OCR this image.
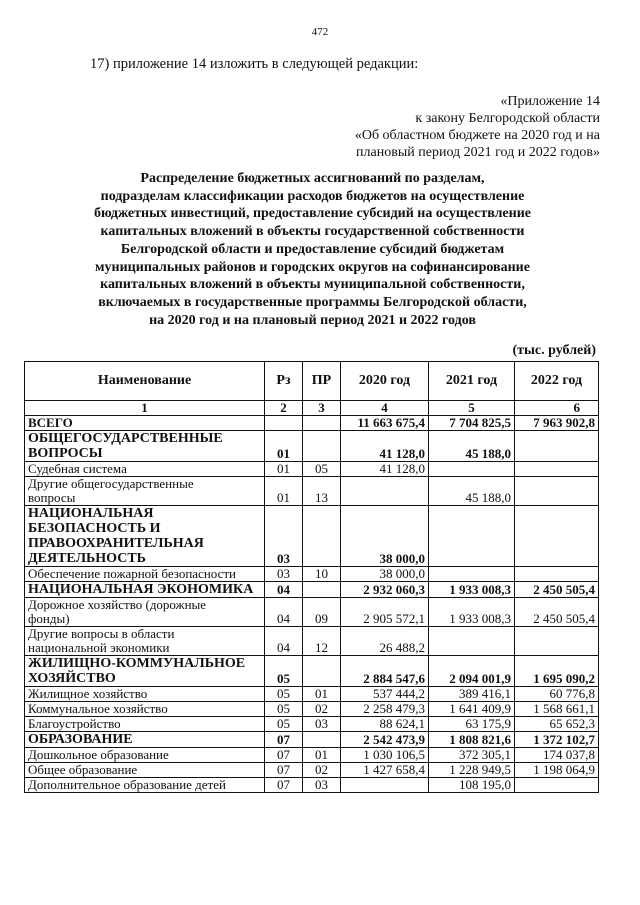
472
17) приложение 14 изложить в следующей редакции:
«Приложение 14
к закону Белгородской области
«Об областном бюджете на 2020 год и на
плановый период 2021 год и 2022 годов»
Распределение бюджетных ассигнований по разделам,
подразделам классификации расходов бюджетов на осуществление
бюджетных инвестиций, предоставление субсидий на осуществление
капитальных вложений в объекты государственной собственности
Белгородской области и предоставление субсидий бюджетам
муниципальных районов и городских округов на софинансирование
капитальных вложений в объекты муниципальной собственности,
включаемых в государственные программы Белгородской области,
на 2020 год и на плановый период 2021 и 2022 годов
(тыс. рублей)
Наименование	Рз	ПР	2020 год	2021 год	2022 год
1	2	3	4	5	6

ВСЕГО			11 663 675,4	7 704 825,5	7 963 902,8

ОБЩЕГОСУДАРСТВЕННЫЕ
ВОПРОСЫ	01		41 128,0	45 188,0	

Судебная система	01	05	41 128,0		

Другие общегосударственные
вопросы	01	13		45 188,0	

НАЦИОНАЛЬНАЯ
БЕЗОПАСНОСТЬ И
ПРАВООХРАНИТЕЛЬНАЯ
ДЕЯТЕЛЬНОСТЬ	03		38 000,0		

Обеспечение пожарной безопасности	03	10	38 000,0		

НАЦИОНАЛЬНАЯ ЭКОНОМИКА	04		2 932 060,3	1 933 008,3	2 450 505,4

Дорожное хозяйство (дорожные
фонды)	04	09	2 905 572,1	1 933 008,3	2 450 505,4

Другие вопросы в области
национальной экономики	04	12	26 488,2		

ЖИЛИЩНО-КОММУНАЛЬНОЕ
ХОЗЯЙСТВО	05		2 884 547,6	2 094 001,9	1 695 090,2

Жилищное хозяйство	05	01	537 444,2	389 416,1	60 776,8

Коммунальное хозяйство	05	02	2 258 479,3	1 641 409,9	1 568 661,1

Благоустройство	05	03	88 624,1	63 175,9	65 652,3

ОБРАЗОВАНИЕ	07		2 542 473,9	1 808 821,6	1 372 102,7

Дошкольное образование	07	01	1 030 106,5	372 305,1	174 037,8

Общее образование	07	02	1 427 658,4	1 228 949,5	1 198 064,9

Дополнительное образование детей	07	03		108 195,0	
